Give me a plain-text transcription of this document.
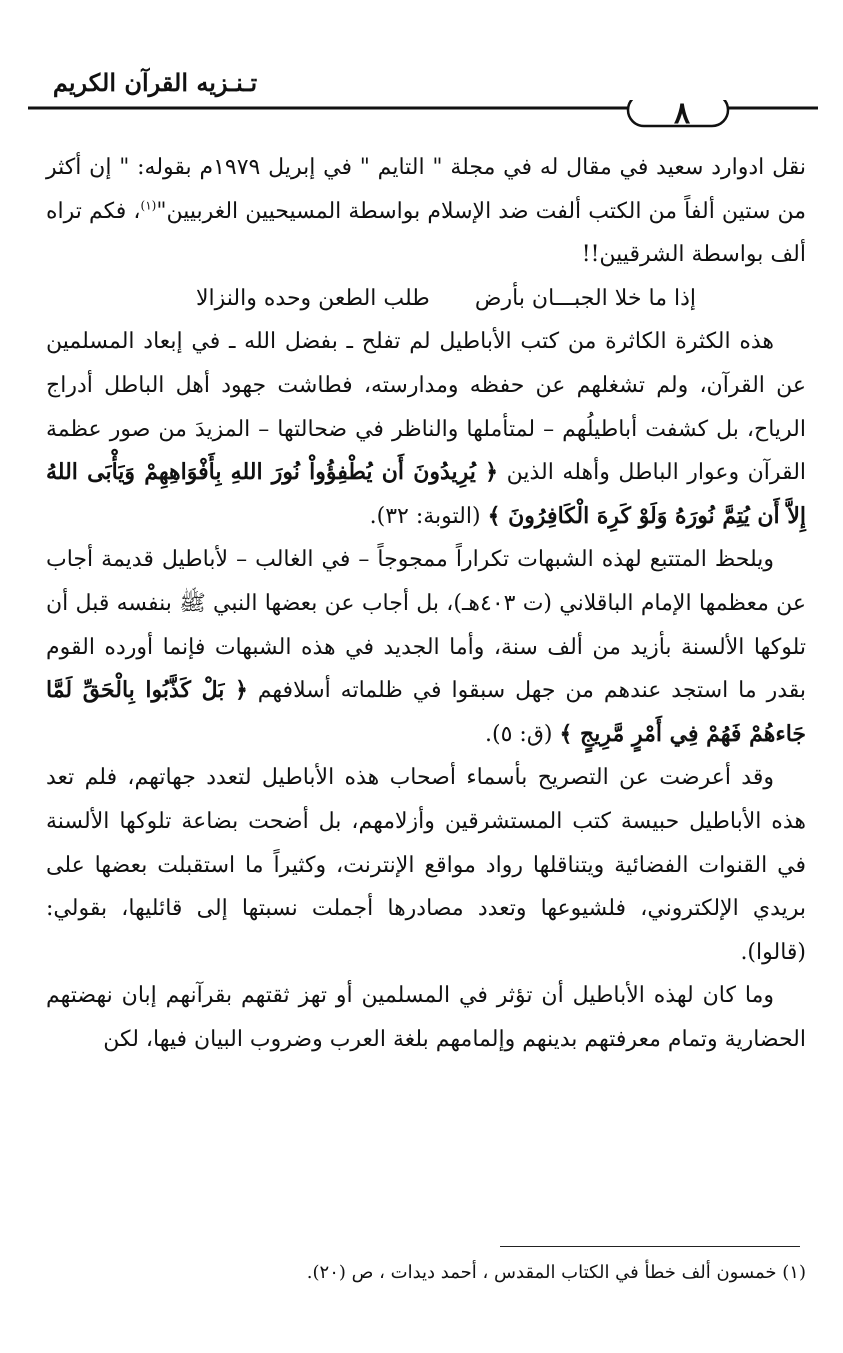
تـنـزيه القرآن الكريم
٨

نقل ادوارد سعيد في مقال له في مجلة " التايم " في إبريل ١٩٧٩م بقوله: " إن أكثر من ستين ألفاً من الكتب ألفت ضد الإسلام بواسطة المسيحيين الغربيين"$^{(١)}$، فكم تراه ألف بواسطة الشرقيين!!

إذا ما خلا الجبـــان بأرض
طلب الطعن وحده والنزالا

هذه الكثرة الكاثرة من كتب الأباطيل لم تفلح ـ بفضل الله ـ في إبعاد المسلمين عن القرآن، ولم تشغلهم عن حفظه ومدارسته، فطاشت جهود أهل الباطل أدراج الرياح، بل كشفت أباطيلُهم – لمتأملها والناظر في ضحالتها – المزيدَ من صور عظمة القرآن وعوار الباطل وأهله الذين ﴿ يُرِيدُونَ أَن يُطْفِؤُواْ نُورَ اللهِ بِأَفْوَاهِهِمْ وَيَأْبَى اللهُ إِلاَّ أَن يُتِمَّ نُورَهُ وَلَوْ كَرِهَ الْكَافِرُونَ ﴾ (التوبة: ٣٢).

ويلحظ المتتبع لهذه الشبهات تكراراً ممجوجاً – في الغالب – لأباطيل قديمة أجاب عن معظمها الإمام الباقلاني (ت ٤٠٣هـ)، بل أجاب عن بعضها النبي ﷺ بنفسه قبل أن تلوكها الألسنة بأزيد من ألف سنة، وأما الجديد في هذه الشبهات فإنما أورده القوم بقدر ما استجد عندهم من جهل سبقوا في ظلماته أسلافهم ﴿ بَلْ كَذَّبُوا بِالْحَقِّ لَمَّا جَاءهُمْ فَهُمْ فِي أَمْرٍ مَّرِيجٍ ﴾ (ق: ٥).

وقد أعرضت عن التصريح بأسماء أصحاب هذه الأباطيل لتعدد جهاتهم، فلم تعد هذه الأباطيل حبيسة كتب المستشرقين وأزلامهم، بل أضحت بضاعة تلوكها الألسنة في القنوات الفضائية ويتناقلها رواد مواقع الإنترنت، وكثيراً ما استقبلت بعضها على بريدي الإلكتروني، فلشيوعها وتعدد مصادرها أجملت نسبتها إلى قائليها، بقولي: (قالوا).

وما كان لهذه الأباطيل أن تؤثر في المسلمين أو تهز ثقتهم بقرآنهم إبان نهضتهم الحضارية وتمام معرفتهم بدينهم وإلمامهم بلغة العرب وضروب البيان فيها، لكن

(١) خمسون ألف خطأ في الكتاب المقدس ، أحمد ديدات ، ص (٢٠).
